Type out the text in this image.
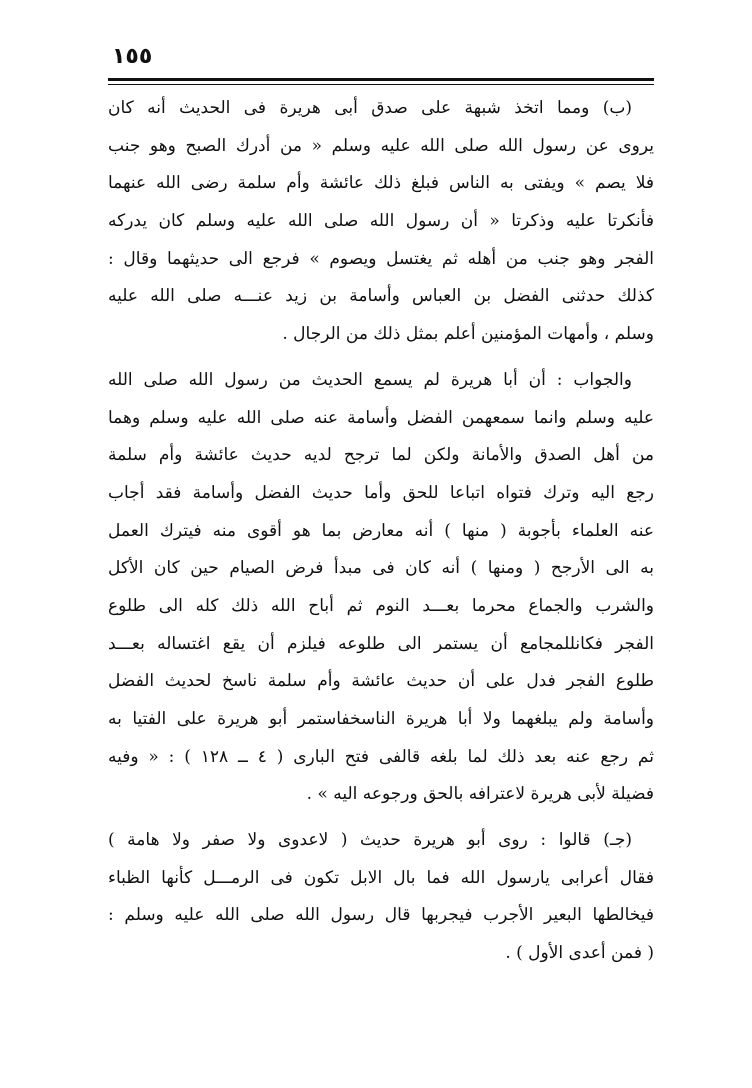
١٥٥
(ب) ومما اتخذ شبهة على صدق أبى هريرة فى الحديث أنه كان
يروى عن رسول الله صلى الله عليه وسلم « من أدرك الصبح وهو جنب
فلا يصم » ويفتى به الناس فبلغ ذلك عائشة وأم سلمة رضى الله عنهما
فأنكرتا عليه وذكرتا « أن رسول الله صلى الله عليه وسلم كان يدركه
الفجر وهو جنب من أهله ثم يغتسل ويصوم » فرجع الى حديثهما وقال :
كذلك حدثنى الفضل بن العباس وأسامة بن زيد عنـــه صلى الله عليه
وسلم ، وأمهات المؤمنين أعلم بمثل ذلك من الرجال .
والجواب : أن أبا هريرة لم يسمع الحديث من رسول الله صلى الله
عليه وسلم وانما سمعهمن الفضل وأسامة عنه صلى الله عليه وسلم وهما
من أهل الصدق والأمانة ولكن لما ترجح لديه حديث عائشة وأم سلمة
رجع اليه وترك فتواه اتباعا للحق وأما حديث الفضل وأسامة فقد أجاب
عنه العلماء بأجوبة ( منها ) أنه معارض بما هو أقوى منه فيترك العمل
به الى الأرجح ( ومنها ) أنه كان فى مبدأ فرض الصيام حين كان الأكل
والشرب والجماع محرما بعـــد النوم ثم أباح الله ذلك كله الى طلوع
الفجر فكانللمجامع أن يستمر الى طلوعه فيلزم أن يقع اغتساله بعـــد
طلوع الفجر فدل على أن حديث عائشة وأم سلمة ناسخ لحديث الفضل
وأسامة ولم يبلغهما ولا أبا هريرة الناسخفاستمر أبو هريرة على الفتيا به
ثم رجع عنه بعد ذلك لما بلغه قالفى فتح البارى ( ٤ ــ ١٢٨ ) : « وفيه
فضيلة لأبى هريرة لاعترافه بالحق ورجوعه اليه » .
(جـ) قالوا : روى أبو هريرة حديث ( لاعدوى ولا صفر ولا هامة )
فقال أعرابى يارسول الله فما بال الابل تكون فى الرمـــل كأنها الظباء
فيخالطها البعير الأجرب فيجربها قال رسول الله صلى الله عليه وسلم :
( فمن أعدى الأول ) .
